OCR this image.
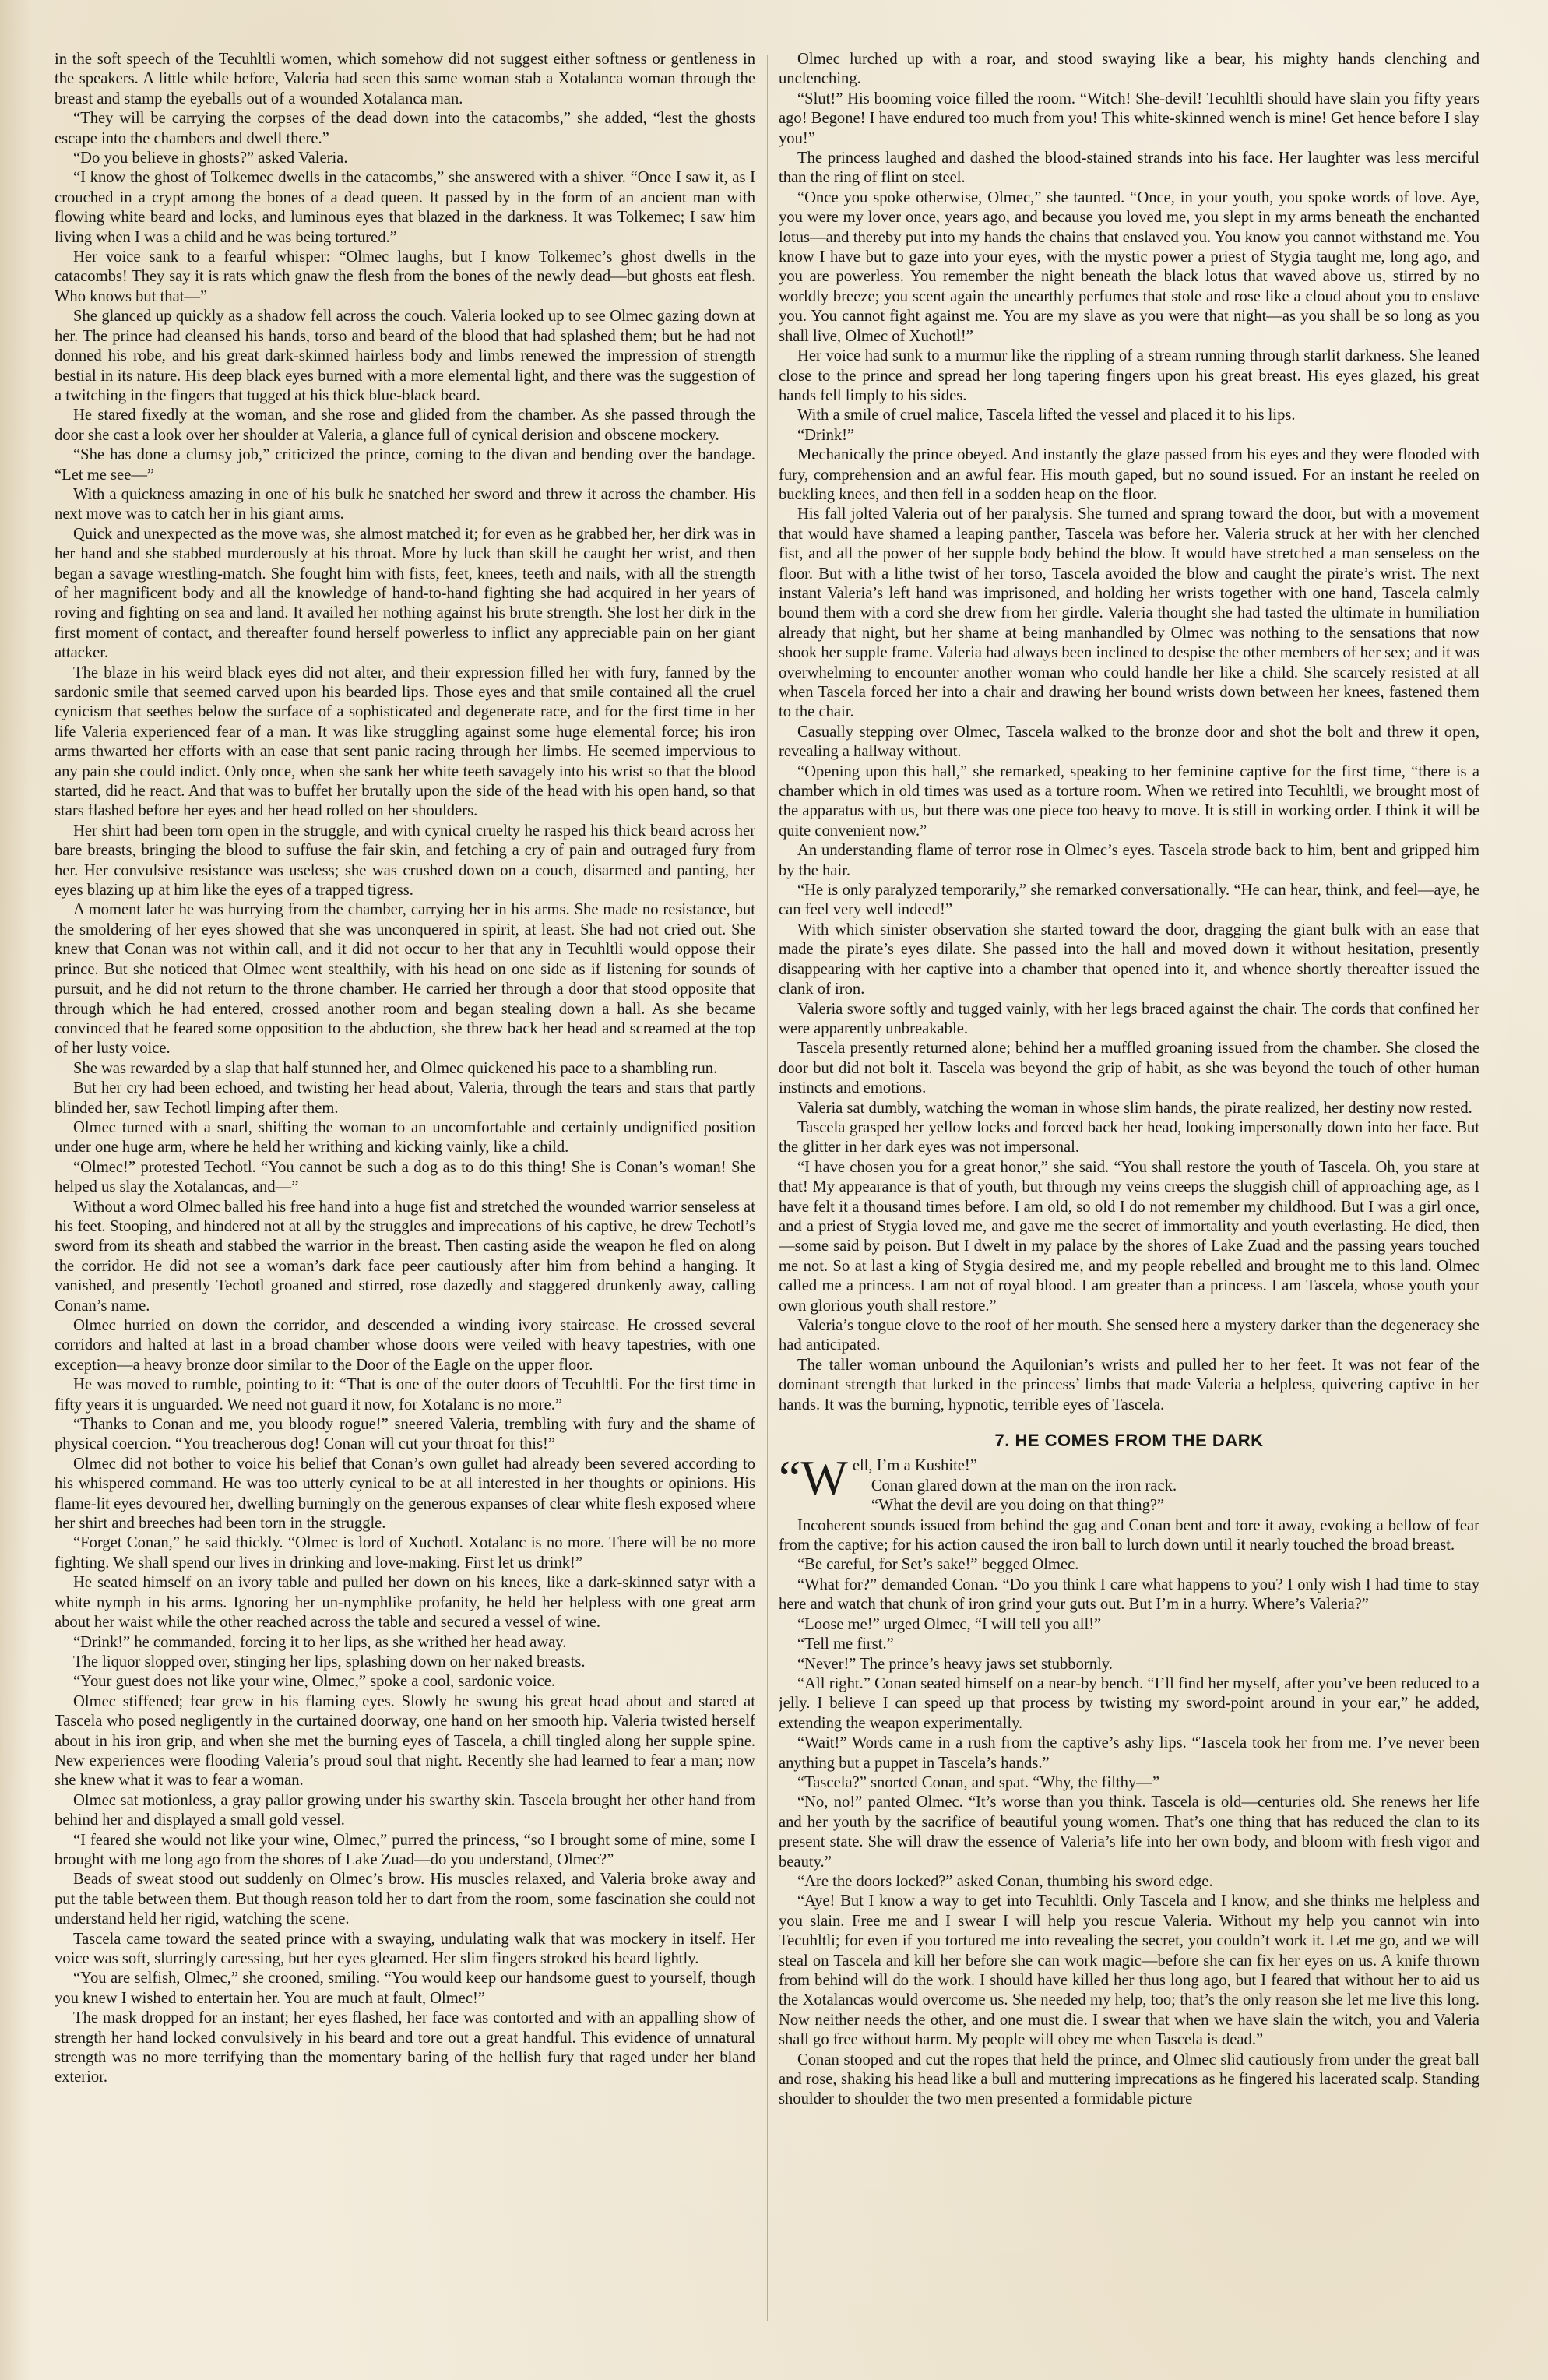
in the soft speech of the Tecuhltli women, which somehow did not suggest either softness or gentleness in the speakers. A little while before, Valeria had seen this same woman stab a Xotalanca woman through the breast and stamp the eyeballs out of a wounded Xotalanca man.

“They will be carrying the corpses of the dead down into the catacombs,” she added, “lest the ghosts escape into the chambers and dwell there.”

“Do you believe in ghosts?” asked Valeria.

“I know the ghost of Tolkemec dwells in the catacombs,” she answered with a shiver. “Once I saw it, as I crouched in a crypt among the bones of a dead queen. It passed by in the form of an ancient man with flowing white beard and locks, and luminous eyes that blazed in the darkness. It was Tolkemec; I saw him living when I was a child and he was being tortured.”

Her voice sank to a fearful whisper: “Olmec laughs, but I know Tolkemec’s ghost dwells in the catacombs! They say it is rats which gnaw the flesh from the bones of the newly dead—but ghosts eat flesh. Who knows but that—”

She glanced up quickly as a shadow fell across the couch. Valeria looked up to see Olmec gazing down at her. The prince had cleansed his hands, torso and beard of the blood that had splashed them; but he had not donned his robe, and his great dark-skinned hairless body and limbs renewed the impression of strength bestial in its nature. His deep black eyes burned with a more elemental light, and there was the suggestion of a twitching in the fingers that tugged at his thick blue-black beard.

He stared fixedly at the woman, and she rose and glided from the chamber. As she passed through the door she cast a look over her shoulder at Valeria, a glance full of cynical derision and obscene mockery.

“She has done a clumsy job,” criticized the prince, coming to the divan and bending over the bandage. “Let me see—”

With a quickness amazing in one of his bulk he snatched her sword and threw it across the chamber. His next move was to catch her in his giant arms.

Quick and unexpected as the move was, she almost matched it; for even as he grabbed her, her dirk was in her hand and she stabbed murderously at his throat. More by luck than skill he caught her wrist, and then began a savage wrestling-match. She fought him with fists, feet, knees, teeth and nails, with all the strength of her magnificent body and all the knowledge of hand-to-hand fighting she had acquired in her years of roving and fighting on sea and land. It availed her nothing against his brute strength. She lost her dirk in the first moment of contact, and thereafter found herself powerless to inflict any appreciable pain on her giant attacker.

The blaze in his weird black eyes did not alter, and their expression filled her with fury, fanned by the sardonic smile that seemed carved upon his bearded lips. Those eyes and that smile contained all the cruel cynicism that seethes below the surface of a sophisticated and degenerate race, and for the first time in her life Valeria experienced fear of a man. It was like struggling against some huge elemental force; his iron arms thwarted her efforts with an ease that sent panic racing through her limbs. He seemed impervious to any pain she could indict. Only once, when she sank her white teeth savagely into his wrist so that the blood started, did he react. And that was to buffet her brutally upon the side of the head with his open hand, so that stars flashed before her eyes and her head rolled on her shoulders.

Her shirt had been torn open in the struggle, and with cynical cruelty he rasped his thick beard across her bare breasts, bringing the blood to suffuse the fair skin, and fetching a cry of pain and outraged fury from her. Her convulsive resistance was useless; she was crushed down on a couch, disarmed and panting, her eyes blazing up at him like the eyes of a trapped tigress.

A moment later he was hurrying from the chamber, carrying her in his arms. She made no resistance, but the smoldering of her eyes showed that she was unconquered in spirit, at least. She had not cried out. She knew that Conan was not within call, and it did not occur to her that any in Tecuhltli would oppose their prince. But she noticed that Olmec went stealthily, with his head on one side as if listening for sounds of pursuit, and he did not return to the throne chamber. He carried her through a door that stood opposite that through which he had entered, crossed another room and began stealing down a hall. As she became convinced that he feared some opposition to the abduction, she threw back her head and screamed at the top of her lusty voice.

She was rewarded by a slap that half stunned her, and Olmec quickened his pace to a shambling run.

But her cry had been echoed, and twisting her head about, Valeria, through the tears and stars that partly blinded her, saw Techotl limping after them.

Olmec turned with a snarl, shifting the woman to an uncomfortable and certainly undignified position under one huge arm, where he held her writhing and kicking vainly, like a child.

“Olmec!” protested Techotl. “You cannot be such a dog as to do this thing! She is Conan’s woman! She helped us slay the Xotalancas, and—”

Without a word Olmec balled his free hand into a huge fist and stretched the wounded warrior senseless at his feet. Stooping, and hindered not at all by the struggles and imprecations of his captive, he drew Techotl’s sword from its sheath and stabbed the warrior in the breast. Then casting aside the weapon he fled on along the corridor. He did not see a woman’s dark face peer cautiously after him from behind a hanging. It vanished, and presently Techotl groaned and stirred, rose dazedly and staggered drunkenly away, calling Conan’s name.

Olmec hurried on down the corridor, and descended a winding ivory staircase. He crossed several corridors and halted at last in a broad chamber whose doors were veiled with heavy tapestries, with one exception—a heavy bronze door similar to the Door of the Eagle on the upper floor.

He was moved to rumble, pointing to it: “That is one of the outer doors of Tecuhltli. For the first time in fifty years it is unguarded. We need not guard it now, for Xotalanc is no more.”

“Thanks to Conan and me, you bloody rogue!” sneered Valeria, trembling with fury and the shame of physical coercion. “You treacherous dog! Conan will cut your throat for this!”

Olmec did not bother to voice his belief that Conan’s own gullet had already been severed according to his whispered command. He was too utterly cynical to be at all interested in her thoughts or opinions. His flame-lit eyes devoured her, dwelling burningly on the generous expanses of clear white flesh exposed where her shirt and breeches had been torn in the struggle.

“Forget Conan,” he said thickly. “Olmec is lord of Xuchotl. Xotalanc is no more. There will be no more fighting. We shall spend our lives in drinking and love-making. First let us drink!”

He seated himself on an ivory table and pulled her down on his knees, like a dark-skinned satyr with a white nymph in his arms. Ignoring her un-nymphlike profanity, he held her helpless with one great arm about her waist while the other reached across the table and secured a vessel of wine.

“Drink!” he commanded, forcing it to her lips, as she writhed her head away.

The liquor slopped over, stinging her lips, splashing down on her naked breasts.

“Your guest does not like your wine, Olmec,” spoke a cool, sardonic voice.

Olmec stiffened; fear grew in his flaming eyes. Slowly he swung his great head about and stared at Tascela who posed negligently in the curtained doorway, one hand on her smooth hip. Valeria twisted herself about in his iron grip, and when she met the burning eyes of Tascela, a chill tingled along her supple spine. New experiences were flooding Valeria’s proud soul that night. Recently she had learned to fear a man; now she knew what it was to fear a woman.

Olmec sat motionless, a gray pallor growing under his swarthy skin. Tascela brought her other hand from behind her and displayed a small gold vessel.

“I feared she would not like your wine, Olmec,” purred the princess, “so I brought some of mine, some I brought with me long ago from the shores of Lake Zuad—do you understand, Olmec?”

Beads of sweat stood out suddenly on Olmec’s brow. His muscles relaxed, and Valeria broke away and put the table between them. But though reason told her to dart from the room, some fascination she could not understand held her rigid, watching the scene.

Tascela came toward the seated prince with a swaying, undulating walk that was mockery in itself. Her voice was soft, slurringly caressing, but her eyes gleamed. Her slim fingers stroked his beard lightly.

“You are selfish, Olmec,” she crooned, smiling. “You would keep our handsome guest to yourself, though you knew I wished to entertain her. You are much at fault, Olmec!”

The mask dropped for an instant; her eyes flashed, her face was contorted and with an appalling show of strength her hand locked convulsively in his beard and tore out a great handful. This evidence of unnatural strength was no more terrifying than the momentary baring of the hellish fury that raged under her bland exterior.

Olmec lurched up with a roar, and stood swaying like a bear, his mighty hands clenching and unclenching.

“Slut!” His booming voice filled the room. “Witch! She-devil! Tecuhltli should have slain you fifty years ago! Begone! I have endured too much from you! This white-skinned wench is mine! Get hence before I slay you!”

The princess laughed and dashed the blood-stained strands into his face. Her laughter was less merciful than the ring of flint on steel.

“Once you spoke otherwise, Olmec,” she taunted. “Once, in your youth, you spoke words of love. Aye, you were my lover once, years ago, and because you loved me, you slept in my arms beneath the enchanted lotus—and thereby put into my hands the chains that enslaved you. You know you cannot withstand me. You know I have but to gaze into your eyes, with the mystic power a priest of Stygia taught me, long ago, and you are powerless. You remember the night beneath the black lotus that waved above us, stirred by no worldly breeze; you scent again the unearthly perfumes that stole and rose like a cloud about you to enslave you. You cannot fight against me. You are my slave as you were that night—as you shall be so long as you shall live, Olmec of Xuchotl!”

Her voice had sunk to a murmur like the rippling of a stream running through starlit darkness. She leaned close to the prince and spread her long tapering fingers upon his great breast. His eyes glazed, his great hands fell limply to his sides.

With a smile of cruel malice, Tascela lifted the vessel and placed it to his lips.

“Drink!”

Mechanically the prince obeyed. And instantly the glaze passed from his eyes and they were flooded with fury, comprehension and an awful fear. His mouth gaped, but no sound issued. For an instant he reeled on buckling knees, and then fell in a sodden heap on the floor.

His fall jolted Valeria out of her paralysis. She turned and sprang toward the door, but with a movement that would have shamed a leaping panther, Tascela was before her. Valeria struck at her with her clenched fist, and all the power of her supple body behind the blow. It would have stretched a man senseless on the floor. But with a lithe twist of her torso, Tascela avoided the blow and caught the pirate’s wrist. The next instant Valeria’s left hand was imprisoned, and holding her wrists together with one hand, Tascela calmly bound them with a cord she drew from her girdle. Valeria thought she had tasted the ultimate in humiliation already that night, but her shame at being manhandled by Olmec was nothing to the sensations that now shook her supple frame. Valeria had always been inclined to despise the other members of her sex; and it was overwhelming to encounter another woman who could handle her like a child. She scarcely resisted at all when Tascela forced her into a chair and drawing her bound wrists down between her knees, fastened them to the chair.

Casually stepping over Olmec, Tascela walked to the bronze door and shot the bolt and threw it open, revealing a hallway without.

“Opening upon this hall,” she remarked, speaking to her feminine captive for the first time, “there is a chamber which in old times was used as a torture room. When we retired into Tecuhltli, we brought most of the apparatus with us, but there was one piece too heavy to move. It is still in working order. I think it will be quite convenient now.”

An understanding flame of terror rose in Olmec’s eyes. Tascela strode back to him, bent and gripped him by the hair.

“He is only paralyzed temporarily,” she remarked conversationally. “He can hear, think, and feel—aye, he can feel very well indeed!”

With which sinister observation she started toward the door, dragging the giant bulk with an ease that made the pirate’s eyes dilate. She passed into the hall and moved down it without hesitation, presently disappearing with her captive into a chamber that opened into it, and whence shortly thereafter issued the clank of iron.

Valeria swore softly and tugged vainly, with her legs braced against the chair. The cords that confined her were apparently unbreakable.

Tascela presently returned alone; behind her a muffled groaning issued from the chamber. She closed the door but did not bolt it. Tascela was beyond the grip of habit, as she was beyond the touch of other human instincts and emotions.

Valeria sat dumbly, watching the woman in whose slim hands, the pirate realized, her destiny now rested.

Tascela grasped her yellow locks and forced back her head, looking impersonally down into her face. But the glitter in her dark eyes was not impersonal.

“I have chosen you for a great honor,” she said. “You shall restore the youth of Tascela. Oh, you stare at that! My appearance is that of youth, but through my veins creeps the sluggish chill of approaching age, as I have felt it a thousand times before. I am old, so old I do not remember my childhood. But I was a girl once, and a priest of Stygia loved me, and gave me the secret of immortality and youth everlasting. He died, then—some said by poison. But I dwelt in my palace by the shores of Lake Zuad and the passing years touched me not. So at last a king of Stygia desired me, and my people rebelled and brought me to this land. Olmec called me a princess. I am not of royal blood. I am greater than a princess. I am Tascela, whose youth your own glorious youth shall restore.”

Valeria’s tongue clove to the roof of her mouth. She sensed here a mystery darker than the degeneracy she had anticipated.

The taller woman unbound the Aquilonian’s wrists and pulled her to her feet. It was not fear of the dominant strength that lurked in the princess’ limbs that made Valeria a helpless, quivering captive in her hands. It was the burning, hypnotic, terrible eyes of Tascela.

7. HE COMES FROM THE DARK

“Well, I’m a Kushite!”

Conan glared down at the man on the iron rack.

“What the devil are you doing on that thing?”

Incoherent sounds issued from behind the gag and Conan bent and tore it away, evoking a bellow of fear from the captive; for his action caused the iron ball to lurch down until it nearly touched the broad breast.

“Be careful, for Set’s sake!” begged Olmec.

“What for?” demanded Conan. “Do you think I care what happens to you? I only wish I had time to stay here and watch that chunk of iron grind your guts out. But I’m in a hurry. Where’s Valeria?”

“Loose me!” urged Olmec, “I will tell you all!”

“Tell me first.”

“Never!” The prince’s heavy jaws set stubbornly.

“All right.” Conan seated himself on a near-by bench. “I’ll find her myself, after you’ve been reduced to a jelly. I believe I can speed up that process by twisting my sword-point around in your ear,” he added, extending the weapon experimentally.

“Wait!” Words came in a rush from the captive’s ashy lips. “Tascela took her from me. I’ve never been anything but a puppet in Tascela’s hands.”

“Tascela?” snorted Conan, and spat. “Why, the filthy—”

“No, no!” panted Olmec. “It’s worse than you think. Tascela is old—centuries old. She renews her life and her youth by the sacrifice of beautiful young women. That’s one thing that has reduced the clan to its present state. She will draw the essence of Valeria’s life into her own body, and bloom with fresh vigor and beauty.”

“Are the doors locked?” asked Conan, thumbing his sword edge.

“Aye! But I know a way to get into Tecuhltli. Only Tascela and I know, and she thinks me helpless and you slain. Free me and I swear I will help you rescue Valeria. Without my help you cannot win into Tecuhltli; for even if you tortured me into revealing the secret, you couldn’t work it. Let me go, and we will steal on Tascela and kill her before she can work magic—before she can fix her eyes on us. A knife thrown from behind will do the work. I should have killed her thus long ago, but I feared that without her to aid us the Xotalancas would overcome us. She needed my help, too; that’s the only reason she let me live this long. Now neither needs the other, and one must die. I swear that when we have slain the witch, you and Valeria shall go free without harm. My people will obey me when Tascela is dead.”

Conan stooped and cut the ropes that held the prince, and Olmec slid cautiously from under the great ball and rose, shaking his head like a bull and muttering imprecations as he fingered his lacerated scalp. Standing shoulder to shoulder the two men presented a formidable picture
